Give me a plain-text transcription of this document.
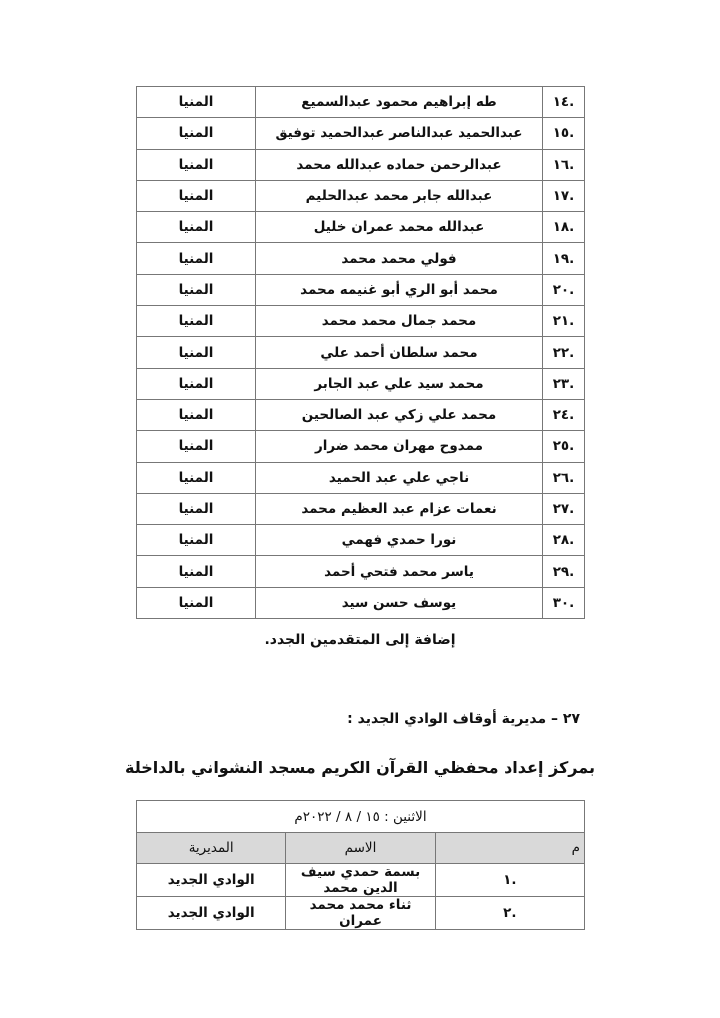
.١٤	طه إبراهيم محمود عبدالسميع	المنيا
.١٥	عبدالحميد عبدالناصر عبدالحميد توفيق	المنيا
.١٦	عبدالرحمن حماده عبدالله محمد	المنيا
.١٧	عبدالله جابر محمد عبدالحليم	المنيا
.١٨	عبدالله محمد عمران خليل	المنيا
.١٩	فولي محمد محمد	المنيا
.٢٠	محمد أبو الري أبو غنيمه محمد	المنيا
.٢١	محمد جمال محمد محمد	المنيا
.٢٢	محمد سلطان أحمد علي	المنيا
.٢٣	محمد سيد علي عبد الجابر	المنيا
.٢٤	محمد علي زكي عبد الصالحين	المنيا
.٢٥	ممدوح مهران محمد ضرار	المنيا
.٢٦	ناجي علي عبد الحميد	المنيا
.٢٧	نعمات عزام عبد العظيم محمد	المنيا
.٢٨	نورا حمدي فهمي	المنيا
.٢٩	ياسر محمد فتحي أحمد	المنيا
.٣٠	يوسف حسن سيد	المنيا
إضافة إلى المتقدمين الجدد.
٢٧ – مديرية أوقاف الوادي الجديد :
بمركز إعداد محفظي القرآن الكريم مسجد النشواني بالداخلة
الاثنين : ١٥ / ٨ / ٢٠٢٢م		
م	الاسم	المديرية
.١	بسمة حمدي سيف الدين محمد	الوادي الجديد
.٢	ثناء محمد محمد عمران	الوادي الجديد
